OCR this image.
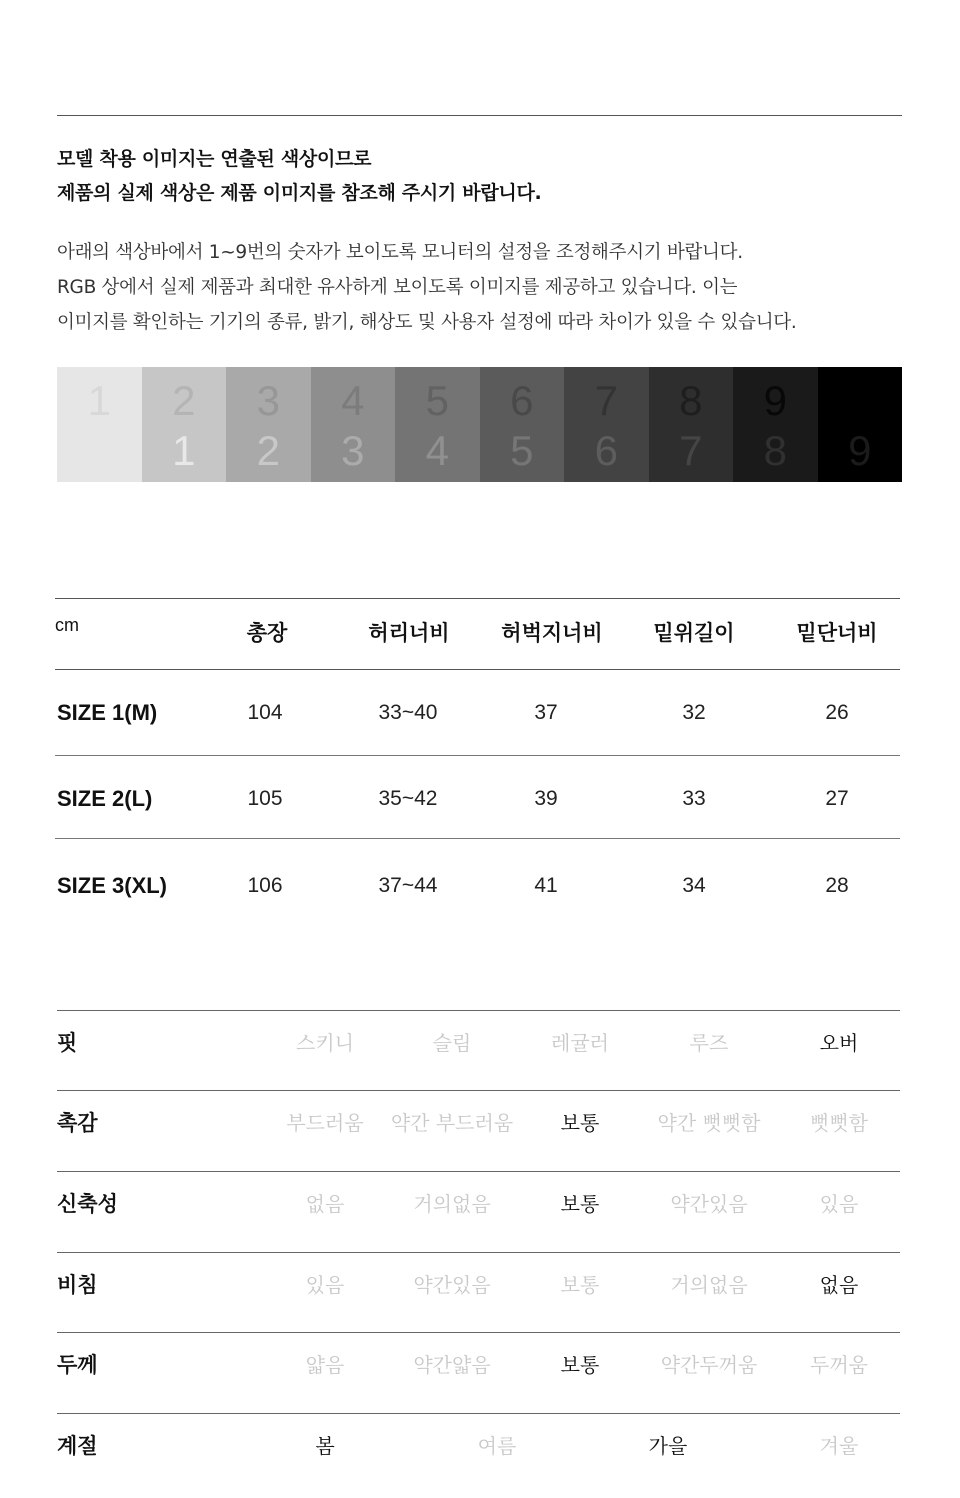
모델 착용 이미지는 연출된 색상이므로
제품의 실제 색상은 제품 이미지를 참조해 주시기 바랍니다.
아래의 색상바에서 1~9번의 숫자가 보이도록 모니터의 설정을 조정해주시기 바랍니다.
RGB 상에서 실제 제품과 최대한 유사하게 보이도록 이미지를 제공하고 있습니다. 이는
이미지를 확인하는 기기의 종류, 밝기, 해상도 및 사용자 설정에 따라 차이가 있을 수 있습니다.
1	2
1
3
2
4
3
5
4
6
5
7
6
8
7
9
8	9
cm	총장	허리너비	허벅지너비	밑위길이	밑단너비
SIZE 1(M)	104	33~40	37	32	26
SIZE 2(L)	105	35~42	39	33	27
SIZE 3(XL)	106	37~44	41	34	28
핏	스키니	슬림	레귤러	루즈	오버
촉감	부드러움	약간 부드러움	보통	약간 뻣뻣함	뻣뻣함
신축성	없음	거의없음	보통	약간있음	있음
비침	있음	약간있음	보통	거의없음	없음
두께	얇음	약간얇음	보통	약간두꺼움	두꺼움
계절	봄	여름	가을	겨울
